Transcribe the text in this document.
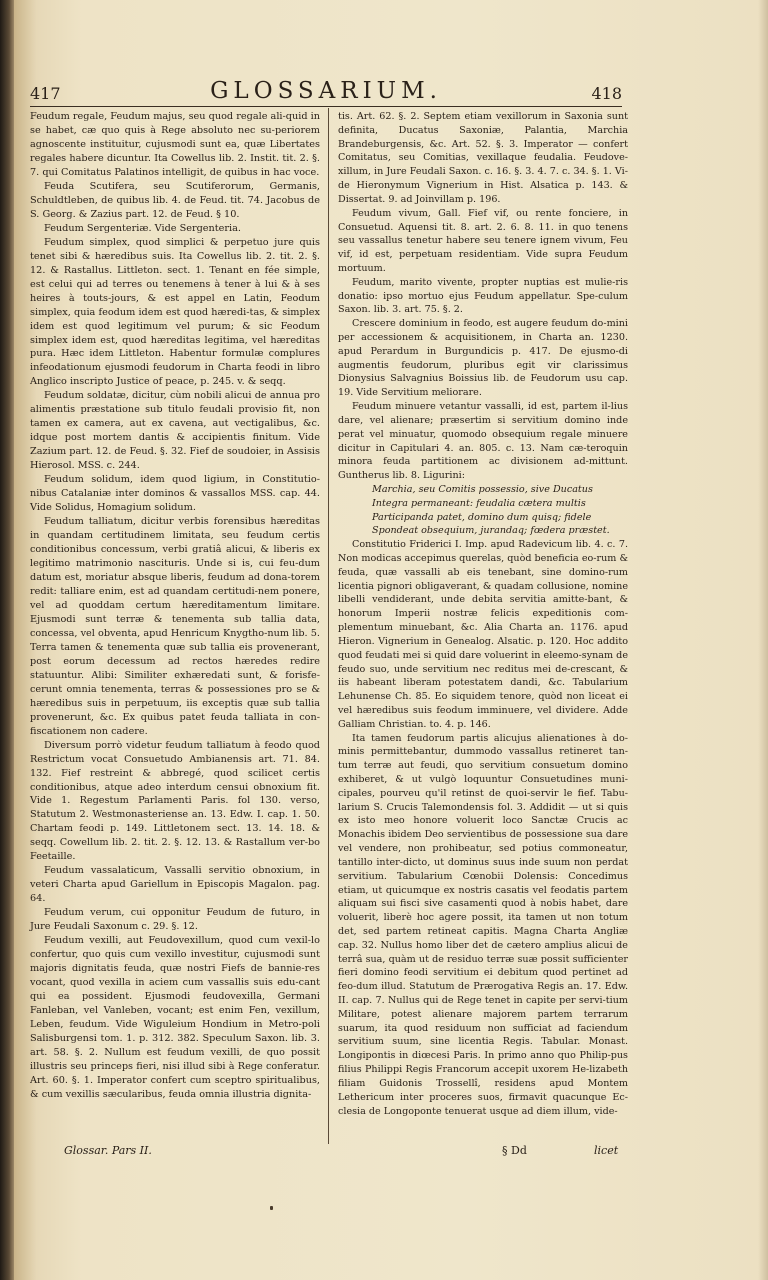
417	GLOSSARIUM.	418

Feudum regale, Feudum majus, seu quod regale ali-quid in se habet, cæ quo quis à Rege absoluto nec su-periorem agnoscente instituitur, cujusmodi sunt ea, quæ Libertates regales habere dicuntur. Ita Cowellus lib. 2. Instit. tit. 2. §. 7. qui Comitatus Palatinos intelligit, de quibus in hac voce.

Feuda Scutifera, seu Scutiferorum, Germanis, Schuldtleben, de quibus lib. 4. de Feud. tit. 74. Jacobus de S. Georg. & Zazius part. 12. de Feud. § 10.

Feudum Sergenteriæ. Vide Sergenteria.

Feudum simplex, quod simplici & perpetuo jure quis tenet sibi & hæredibus suis. Ita Cowellus lib. 2. tit. 2. §. 12. & Rastallus. Littleton. sect. 1. Tenant en fée simple, est celui qui ad terres ou tenemens à tener à lui & à ses heires à touts-jours, & est appel en Latin, Feodum simplex, quia feodum idem est quod hæredi-tas, & simplex idem est quod legitimum vel purum; & sic Feodum simplex idem est, quod hæreditas legitima, vel hæreditas pura. Hæc idem Littleton. Habentur formulæ complures infeodationum ejusmodi feudorum in Charta feodi in libro Anglico inscripto Justice of peace, p. 245. v. & seqq.

Feudum soldatæ, dicitur, cùm nobili alicui de annua pro alimentis præstatione sub titulo feudali provisio fit, non tamen ex camera, aut ex cavena, aut vectigalibus, &c. idque post mortem dantis & accipientis finitum. Vide Zazium part. 12. de Feud. §. 32. Fief de soudoier, in Assisis Hierosol. MSS. c. 244.

Feudum solidum, idem quod ligium, in Constitutio-nibus Catalaniæ inter dominos & vassallos MSS. cap. 44. Vide Solidus, Homagium solidum.

Feudum talliatum, dicitur verbis forensibus hæreditas in quandam certitudinem limitata, seu feudum certis conditionibus concessum, verbi gratiâ alicui, & liberis ex legitimo matrimonio nascituris. Unde si is, cui feu-dum datum est, moriatur absque liberis, feudum ad dona-torem redit: talliare enim, est ad quandam certitudi-nem ponere, vel ad quoddam certum hæreditamentum limitare. Ejusmodi sunt terræ & tenementa sub tallia data, concessa, vel obventa, apud Henricum Knygtho-num lib. 5. Terra tamen & tenementa quæ sub tallia eis provenerant, post eorum decessum ad rectos hæredes redire statuuntur. Alibi: Similiter exhæredati sunt, & forisfe-cerunt omnia tenementa, terras & possessiones pro se & hæredibus suis in perpetuum, iis exceptis quæ sub tallia provenerunt, &c. Ex quibus patet feuda talliata in con-fiscationem non cadere.

Diversum porrò videtur feudum talliatum à feodo quod Restrictum vocat Consuetudo Ambianensis art. 71. 84. 132. Fief restreint & abbregé, quod scilicet certis conditionibus, atque adeo interdum censui obnoxium fit. Vide 1. Regestum Parlamenti Paris. fol 130. verso, Statutum 2. Westmonasteriense an. 13. Edw. I. cap. 1. 50. Chartam feodi p. 149. Littletonem sect. 13. 14. 18. & seqq. Cowellum lib. 2. tit. 2. §. 12. 13. & Rastallum ver-bo Feetaille.

Feudum vassalaticum, Vassalli servitio obnoxium, in veteri Charta apud Gariellum in Episcopis Magalon. pag. 64.

Feudum verum, cui opponitur Feudum de futuro, in Jure Feudali Saxonum c. 29. §. 12.

Feudum vexilli, aut Feudovexillum, quod cum vexil-lo confertur, quo quis cum vexillo investitur, cujusmodi sunt majoris dignitatis feuda, quæ nostri Fiefs de bannie-res vocant, quod vexilla in aciem cum vassallis suis edu-cant qui ea possident. Ejusmodi feudovexilla, Germani Fanleban, vel Vanleben, vocant; est enim Fen, vexillum, Leben, feudum. Vide Wiguleium Hondium in Metro-poli Salisburgensi tom. 1. p. 312. 382. Speculum Saxon. lib. 3. art. 58. §. 2. Nullum est feudum vexilli, de quo possit illustris seu princeps fieri, nisi illud sibi à Rege conferatur. Art. 60. §. 1. Imperator confert cum sceptro spiritualibus, & cum vexillis sæcularibus, feuda omnia illustria dignita-

tis. Art. 62. §. 2. Septem etiam vexillorum in Saxonia sunt definita, Ducatus Saxoniæ, Palantia, Marchia Brandeburgensis, &c. Art. 52. §. 3. Imperator — confert Comitatus, seu Comitias, vexillaque feudalia. Feudove-xillum, in Jure Feudali Saxon. c. 16. §. 3. 4. 7. c. 34. §. 1. Vi-de Hieronymum Vignerium in Hist. Alsatica p. 143. & Dissertat. 9. ad Joinvillam p. 196.

Feudum vivum, Gall. Fief vif, ou rente fonciere, in Consuetud. Aquensi tit. 8. art. 2. 6. 8. 11. in quo tenens seu vassallus tenetur habere seu tenere ignem vivum, Feu vif, id est, perpetuam residentiam. Vide supra Feudum mortuum.

Feudum, marito vivente, propter nuptias est mulie-ris donatio: ipso mortuo ejus Feudum appellatur. Spe-culum Saxon. lib. 3. art. 75. §. 2.

Crescere dominium in feodo, est augere feudum do-mini per accessionem & acquisitionem, in Charta an. 1230. apud Perardum in Burgundicis p. 417. De ejusmo-di augmentis feudorum, pluribus egit vir clarissimus Dionysius Salvagnius Boissius lib. de Feudorum usu cap. 19. Vide Servitium meliorare.

Feudum minuere vetantur vassalli, id est, partem il-lius dare, vel alienare; præsertim si servitium domino inde perat vel minuatur, quomodo obsequium regale minuere dicitur in Capitulari 4. an. 805. c. 13. Nam cæ-teroquin minora feuda partitionem ac divisionem ad-mittunt. Guntherus lib. 8. Ligurini:

Marchia, seu Comitis possessio, sive Ducatus

Integra permaneant: feudalia cætera multis

Participanda patet, domino dum quisq; fidele

Spondeat obsequium, jurandaq; fœdera præstet.

Constitutio Friderici I. Imp. apud Radevicum lib. 4. c. 7. Non modicas accepimus querelas, quòd beneficia eo-rum & feuda, quæ vassalli ab eis tenebant, sine domino-rum licentia pignori obligaverant, & quadam collusione, nomine libelli vendiderant, unde debita servitia amitte-bant, & honorum Imperii nostræ felicis expeditionis com-plementum minuebant, &c. Alia Charta an. 1176. apud Hieron. Vignerium in Genealog. Alsatic. p. 120. Hoc addito quod feudati mei si quid dare voluerint in eleemo-synam de feudo suo, unde servitium nec reditus mei de-crescant, & iis habeant liberam potestatem dandi, &c. Tabularium Lehunense Ch. 85. Eo siquidem tenore, quòd non liceat ei vel hæredibus suis feodum imminuere, vel dividere. Adde Galliam Christian. to. 4. p. 146.

Ita tamen feudorum partis alicujus alienationes à do-minis permittebantur, dummodo vassallus retineret tan-tum terræ aut feudi, quo servitium consuetum domino exhiberet, & ut vulgò loquuntur Consuetudines muni-cipales, pourveu qu'il retinst de quoi-servir le fief. Tabu-larium S. Crucis Talemondensis fol. 3. Addidit — ut si quis ex isto meo honore voluerit loco Sanctæ Crucis ac Monachis ibidem Deo servientibus de possessione sua dare vel vendere, non prohibeatur, sed potius commoneatur, tantillo inter-dicto, ut dominus suus inde suum non perdat servitium. Tabularium Cœnobii Dolensis: Concedimus etiam, ut quicumque ex nostris casatis vel feodatis partem aliquam sui fisci sive casamenti quod à nobis habet, dare voluerit, liberè hoc agere possit, ita tamen ut non totum det, sed partem retineat capitis. Magna Charta Angliæ cap. 32. Nullus homo liber det de cætero amplius alicui de terrâ sua, quàm ut de residuo terræ suæ possit sufficienter fieri domino feodi servitium ei debitum quod pertinet ad feo-dum illud. Statutum de Prærogativa Regis an. 17. Edw. II. cap. 7. Nullus qui de Rege tenet in capite per servi-tium Militare, potest alienare majorem partem terrarum suarum, ita quod residuum non sufficiat ad faciendum servitium suum, sine licentia Regis. Tabular. Monast. Longipontis in diœcesi Paris. In primo anno quo Philip-pus filius Philippi Regis Francorum accepit uxorem He-lizabeth filiam Guidonis Trossellî, residens apud Montem Lethericum inter proceres suos, firmavit quacunque Ec-clesia de Longoponte tenuerat usque ad diem illum, vide-

Glossar. Pars II.	§ Dd	licet
